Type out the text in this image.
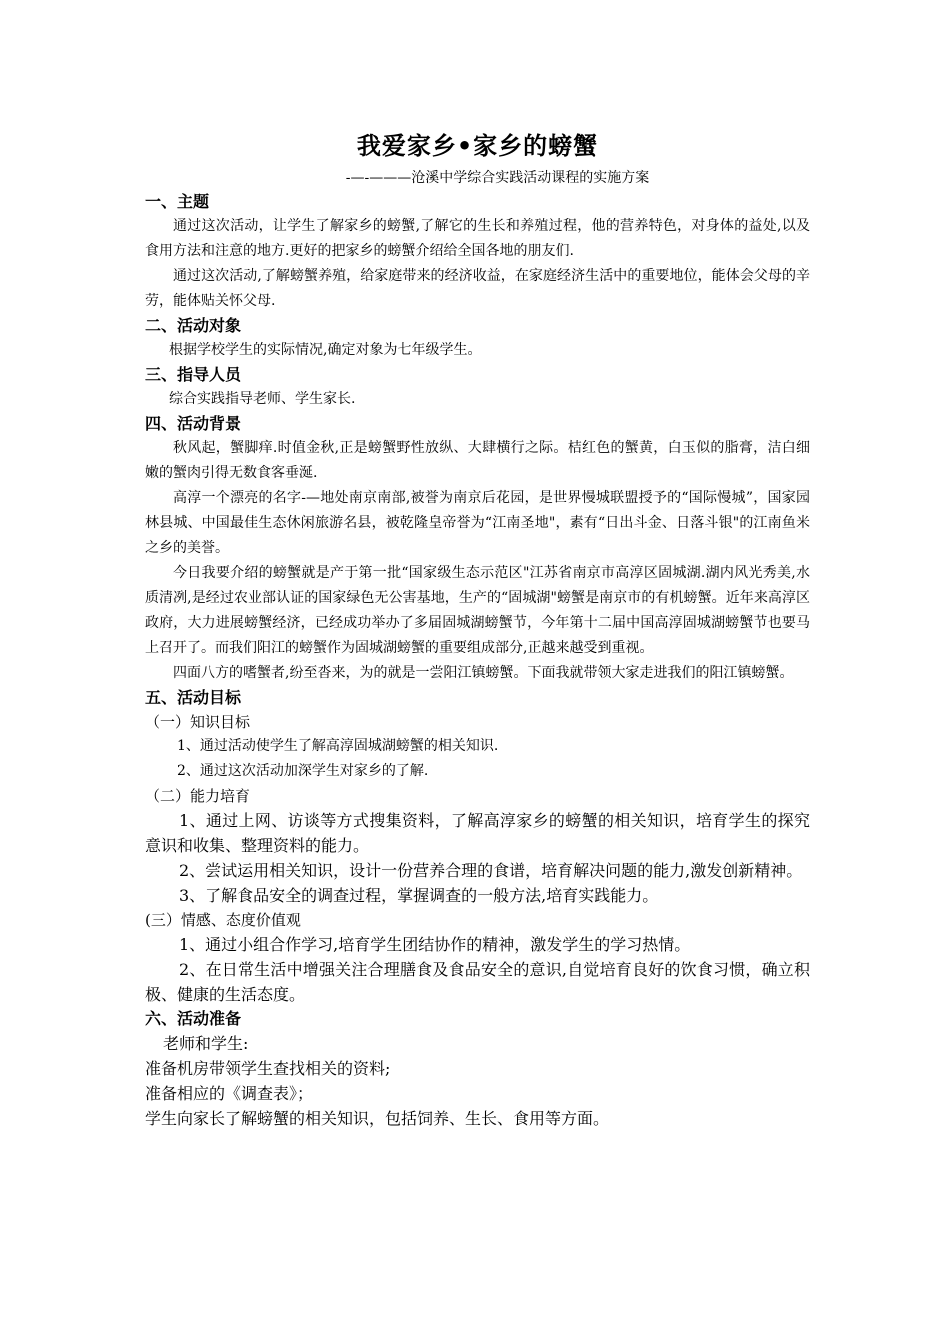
我爱家乡•家乡的螃蟹
-—-———沧溪中学综合实践活动课程的实施方案
一、主题
通过这次活动，让学生了解家乡的螃蟹,了解它的生长和养殖过程，他的营养特色，对身体的益处,以及食用方法和注意的地方.更好的把家乡的螃蟹介绍给全国各地的朋友们.
通过这次活动,了解螃蟹养殖，给家庭带来的经济收益，在家庭经济生活中的重要地位，能体会父母的辛劳，能体贴关怀父母.
二、活动对象
根据学校学生的实际情况,确定对象为七年级学生。
三、指导人员
综合实践指导老师、学生家长.
四、活动背景
秋风起，蟹脚痒.时值金秋,正是螃蟹野性放纵、大肆横行之际。桔红色的蟹黄，白玉似的脂膏，洁白细嫩的蟹肉引得无数食客垂涎.
高淳一个漂亮的名字-—地处南京南部,被誉为南京后花园，是世界慢城联盟授予的“国际慢城”，国家园林县城、中国最佳生态休闲旅游名县，被乾隆皇帝誉为“江南圣地"，素有“日出斗金、日落斗银"的江南鱼米之乡的美誉。
今日我要介绍的螃蟹就是产于第一批“国家级生态示范区"江苏省南京市高淳区固城湖.湖内风光秀美,水质清冽,是经过农业部认证的国家绿色无公害基地，生产的“固城湖"螃蟹是南京市的有机螃蟹。近年来高淳区政府，大力进展螃蟹经济，已经成功举办了多届固城湖螃蟹节，今年第十二届中国高淳固城湖螃蟹节也要马上召开了。而我们阳江的螃蟹作为固城湖螃蟹的重要组成部分,正越来越受到重视。
四面八方的嗜蟹者,纷至沓来，为的就是一尝阳江镇螃蟹。下面我就带领大家走进我们的阳江镇螃蟹。
五、活动目标
（一）知识目标
1、通过活动使学生了解高淳固城湖螃蟹的相关知识.
2、通过这次活动加深学生对家乡的了解.
（二）能力培育
1、通过上网、访谈等方式搜集资料，了解高淳家乡的螃蟹的相关知识，培育学生的探究意识和收集、整理资料的能力。
2、尝试运用相关知识，设计一份营养合理的食谱，培育解决问题的能力,激发创新精神。
3、了解食品安全的调查过程，掌握调查的一般方法,培育实践能力。
(三）情感、态度价值观
1、通过小组合作学习,培育学生团结协作的精神，激发学生的学习热情。
2、在日常生活中增强关注合理膳食及食品安全的意识,自觉培育良好的饮食习惯，确立积极、健康的生活态度。
六、活动准备
老师和学生:
准备机房带领学生查找相关的资料;
准备相应的《调查表》；
学生向家长了解螃蟹的相关知识，包括饲养、生长、食用等方面。
